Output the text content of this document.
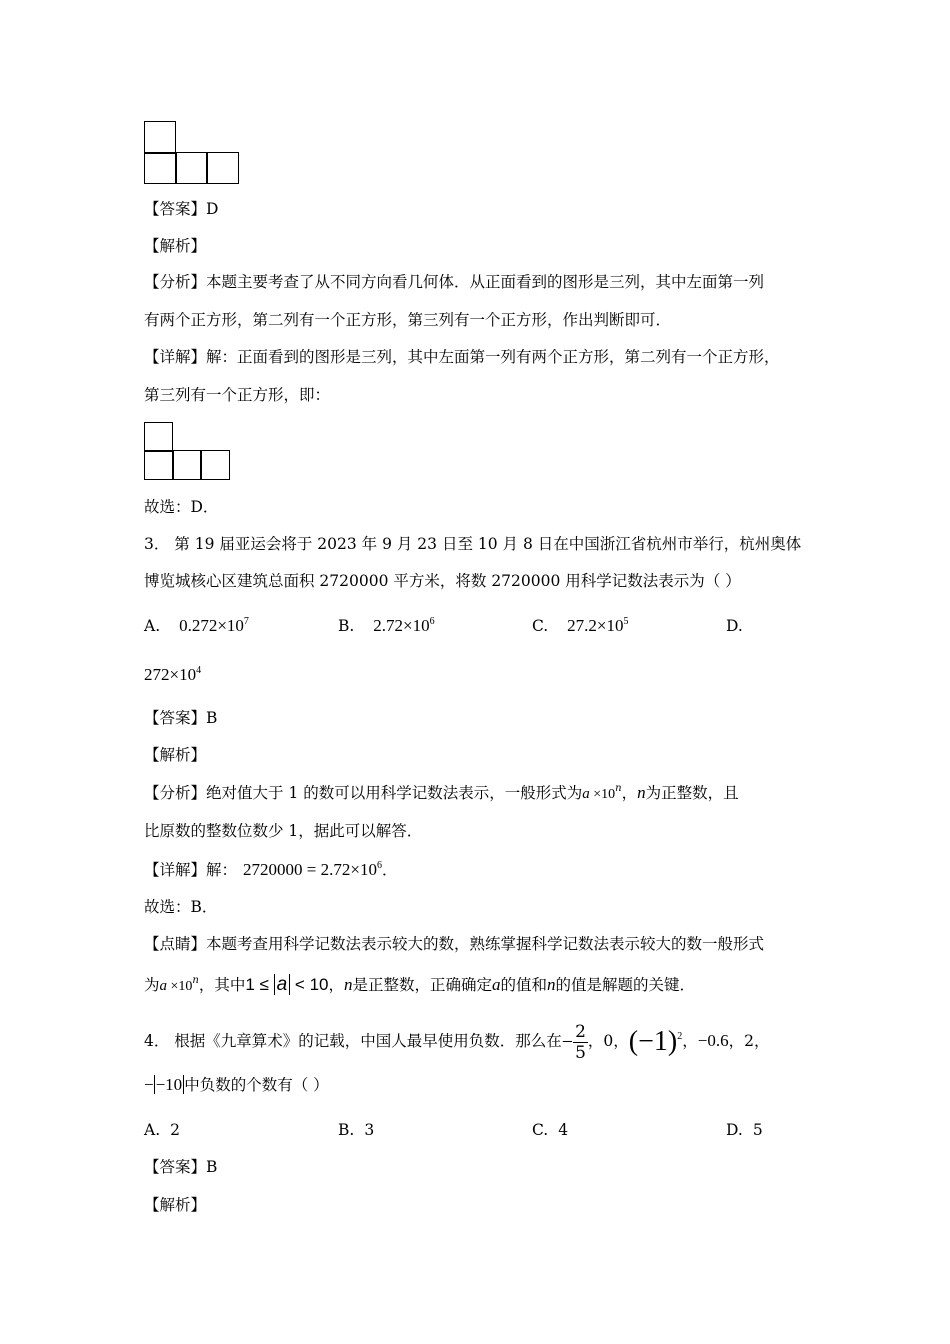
【答案】D
【解析】
【分析】本题主要考查了从不同方向看几何体．从正面看到的图形是三列，其中左面第一列
有两个正方形，第二列有一个正方形，第三列有一个正方形，作出判断即可．
【详解】解：正面看到的图形是三列，其中左面第一列有两个正方形，第二列有一个正方形，
第三列有一个正方形，即：
故选：D．
3． 第 19 届亚运会将于 2023 年 9 月 23 日至 10 月 8 日在中国浙江省杭州市举行，杭州奥体
博览城核心区建筑总面积 2720000 平方米，将数 2720000 用科学记数法表示为（ ）
A. $0.272\times 10^7$	B. $2.72\times 10^6$	C. $27.2\times 10^5$	D.
$272\times 10^4$
【答案】B
【解析】
【分析】绝对值大于 1 的数可以用科学记数法表示，一般形式为$a \times 10^n$，n为正整数，且
比原数的整数位数少 1，据此可以解答．
【详解】解： $2720000 = 2.72\times 10^6$．
故选：B．
【点睛】本题考查用科学记数法表示较大的数，熟练掌握科学记数法表示较大的数一般形式
为$a \times 10^n$，其中1 ≤ a < 10，n是正整数，正确确定a的值和n的值是解题的关键．
4． 根据《九章算术》的记载，中国人最早使用负数．那么在− $\frac{2}{5}$ ，0，$(-1)^2$，−0.6，2，
− −10 中负数的个数有（ ）
A. 2	B. 3	C. 4	D. 5
【答案】B
【解析】
